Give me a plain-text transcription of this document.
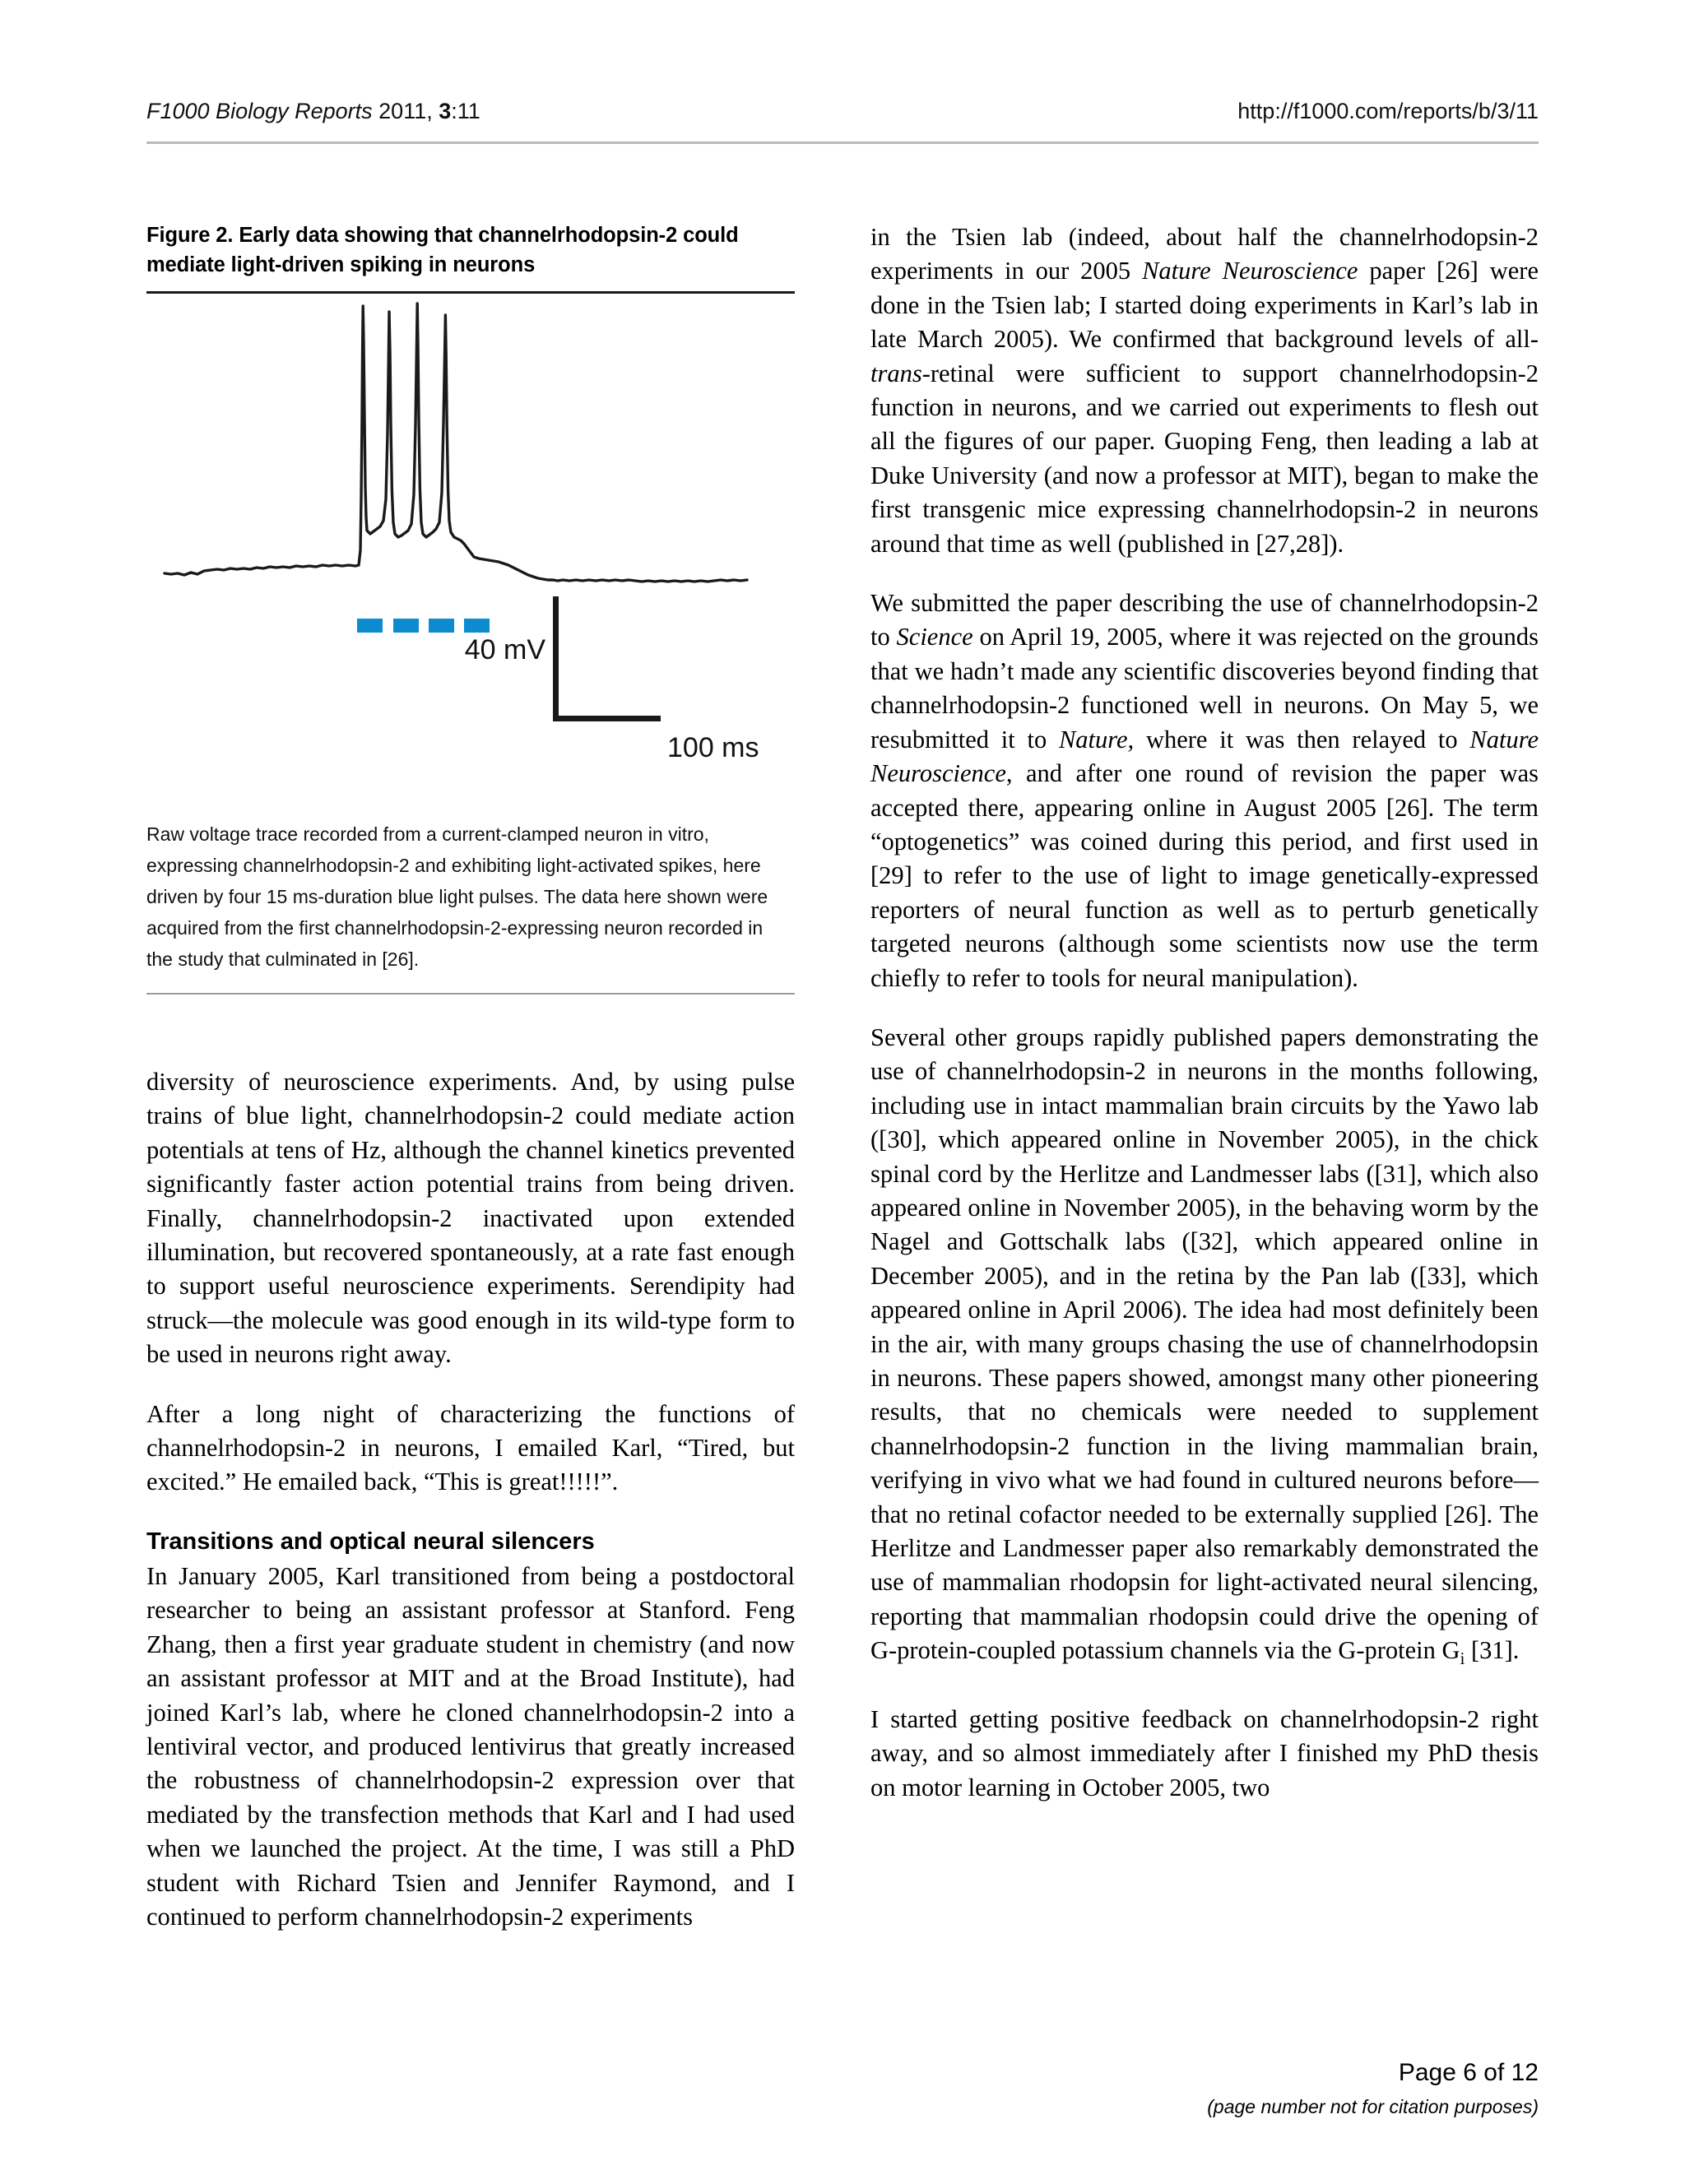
F1000 Biology Reports 2011, 3:11	http://f1000.com/reports/b/3/11
Figure 2. Early data showing that channelrhodopsin-2 could mediate light-driven spiking in neurons
40 mV
100 ms
Raw voltage trace recorded from a current-clamped neuron in vitro, expressing channelrhodopsin-2 and exhibiting light-activated spikes, here driven by four 15 ms-duration blue light pulses. The data here shown were acquired from the first channelrhodopsin-2-expressing neuron recorded in the study that culminated in [26].

diversity of neuroscience experiments. And, by using pulse trains of blue light, channelrhodopsin-2 could mediate action potentials at tens of Hz, although the channel kinetics prevented significantly faster action potential trains from being driven. Finally, channelrhodopsin-2 inactivated upon extended illumination, but recovered spontaneously, at a rate fast enough to support useful neuroscience experiments. Serendipity had struck—the molecule was good enough in its wild-type form to be used in neurons right away.

After a long night of characterizing the functions of channelrhodopsin-2 in neurons, I emailed Karl, “Tired, but excited.” He emailed back, “This is great!!!!!”.

Transitions and optical neural silencers

In January 2005, Karl transitioned from being a postdoctoral researcher to being an assistant professor at Stanford. Feng Zhang, then a first year graduate student in chemistry (and now an assistant professor at MIT and at the Broad Institute), had joined Karl’s lab, where he cloned channelrhodopsin-2 into a lentiviral vector, and produced lentivirus that greatly increased the robustness of channelrhodopsin-2 expression over that mediated by the transfection methods that Karl and I had used when we launched the project. At the time, I was still a PhD student with Richard Tsien and Jennifer Raymond, and I continued to perform channelrhodopsin-2 experiments

in the Tsien lab (indeed, about half the channelrhodopsin-2 experiments in our 2005 Nature Neuroscience paper [26] were done in the Tsien lab; I started doing experiments in Karl’s lab in late March 2005). We confirmed that background levels of all-trans-retinal were sufficient to support channelrhodopsin-2 function in neurons, and we carried out experiments to flesh out all the figures of our paper. Guoping Feng, then leading a lab at Duke University (and now a professor at MIT), began to make the first transgenic mice expressing channelrhodopsin-2 in neurons around that time as well (published in [27,28]).

We submitted the paper describing the use of channelrhodopsin-2 to Science on April 19, 2005, where it was rejected on the grounds that we hadn’t made any scientific discoveries beyond finding that channelrhodopsin-2 functioned well in neurons. On May 5, we resubmitted it to Nature, where it was then relayed to Nature Neuroscience, and after one round of revision the paper was accepted there, appearing online in August 2005 [26]. The term “optogenetics” was coined during this period, and first used in [29] to refer to the use of light to image genetically-expressed reporters of neural function as well as to perturb genetically targeted neurons (although some scientists now use the term chiefly to refer to tools for neural manipulation).

Several other groups rapidly published papers demonstrating the use of channelrhodopsin-2 in neurons in the months following, including use in intact mammalian brain circuits by the Yawo lab ([30], which appeared online in November 2005), in the chick spinal cord by the Herlitze and Landmesser labs ([31], which also appeared online in November 2005), in the behaving worm by the Nagel and Gottschalk labs ([32], which appeared online in December 2005), and in the retina by the Pan lab ([33], which appeared online in April 2006). The idea had most definitely been in the air, with many groups chasing the use of channelrhodopsin in neurons. These papers showed, amongst many other pioneering results, that no chemicals were needed to supplement channelrhodopsin-2 function in the living mammalian brain, verifying in vivo what we had found in cultured neurons before—that no retinal cofactor needed to be externally supplied [26]. The Herlitze and Landmesser paper also remarkably demonstrated the use of mammalian rhodopsin for light-activated neural silencing, reporting that mammalian rhodopsin could drive the opening of G-protein-coupled potassium channels via the G-protein $G_i$ [31].

I started getting positive feedback on channelrhodopsin-2 right away, and so almost immediately after I finished my PhD thesis on motor learning in October 2005, two

Page 6 of 12
(page number not for citation purposes)
